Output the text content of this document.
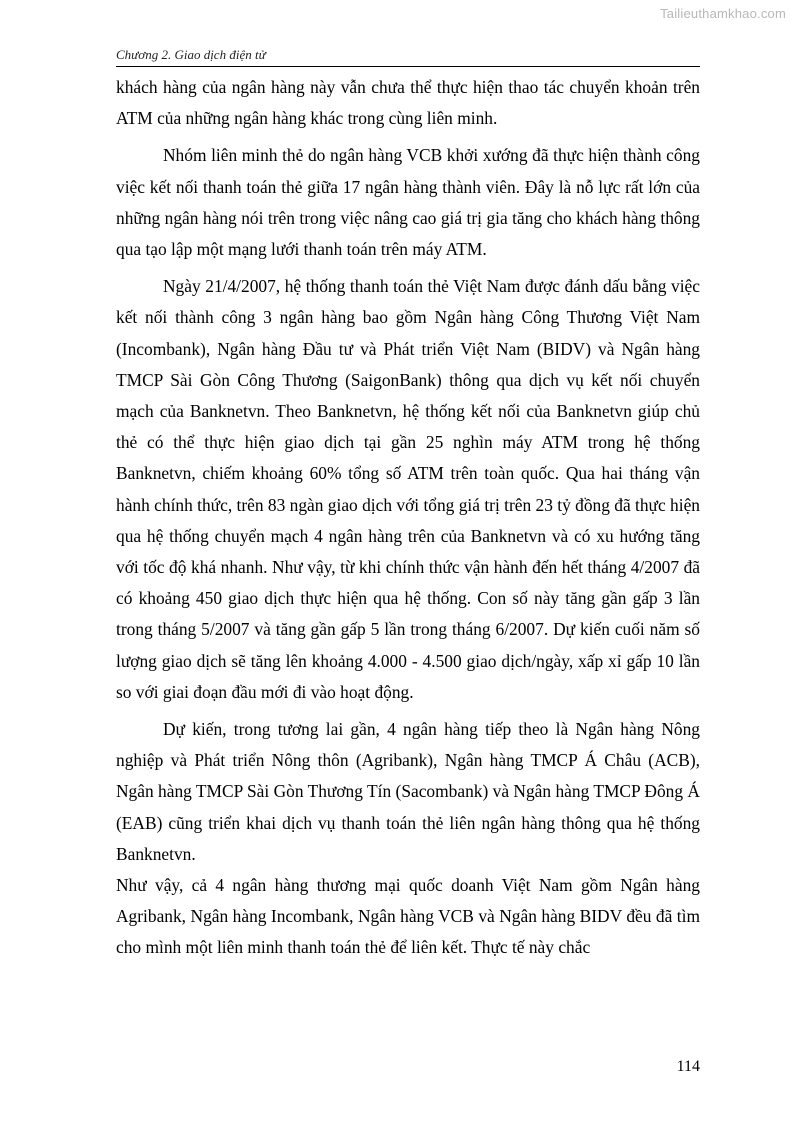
Tailieuthamkhao.com
Chương 2. Giao dịch điện tử

khách hàng của ngân hàng này vẫn chưa thể thực hiện thao tác chuyển khoản trên ATM của những ngân hàng khác trong cùng liên minh.

Nhóm liên minh thẻ do ngân hàng VCB khởi xướng đã thực hiện thành công việc kết nối thanh toán thẻ giữa 17 ngân hàng thành viên. Đây là nỗ lực rất lớn của những ngân hàng nói trên trong việc nâng cao giá trị gia tăng cho khách hàng thông qua tạo lập một mạng lưới thanh toán trên máy ATM.

Ngày 21/4/2007, hệ thống thanh toán thẻ Việt Nam được đánh dấu bằng việc kết nối thành công 3 ngân hàng bao gồm Ngân hàng Công Thương Việt Nam (Incombank), Ngân hàng Đầu tư và Phát triển Việt Nam (BIDV) và Ngân hàng TMCP Sài Gòn Công Thương (SaigonBank) thông qua dịch vụ kết nối chuyển mạch của Banknetvn. Theo Banknetvn, hệ thống kết nối của Banknetvn giúp chủ thẻ có thể thực hiện giao dịch tại gần 25 nghìn máy ATM trong hệ thống Banknetvn, chiếm khoảng 60% tổng số ATM trên toàn quốc. Qua hai tháng vận hành chính thức, trên 83 ngàn giao dịch với tổng giá trị trên 23 tỷ đồng đã thực hiện qua hệ thống chuyển mạch 4 ngân hàng trên của Banknetvn và có xu hướng tăng với tốc độ khá nhanh. Như vậy, từ khi chính thức vận hành đến hết tháng 4/2007 đã có khoảng 450 giao dịch thực hiện qua hệ thống. Con số này tăng gần gấp 3 lần trong tháng 5/2007 và tăng gần gấp 5 lần trong tháng 6/2007. Dự kiến cuối năm số lượng giao dịch sẽ tăng lên khoảng 4.000 - 4.500 giao dịch/ngày, xấp xỉ gấp 10 lần so với giai đoạn đầu mới đi vào hoạt động.

Dự kiến, trong tương lai gần, 4 ngân hàng tiếp theo là Ngân hàng Nông nghiệp và Phát triển Nông thôn (Agribank), Ngân hàng TMCP Á Châu (ACB), Ngân hàng TMCP Sài Gòn Thương Tín (Sacombank) và Ngân hàng TMCP Đông Á (EAB) cũng triển khai dịch vụ thanh toán thẻ liên ngân hàng thông qua hệ thống Banknetvn.

Như vậy, cả 4 ngân hàng thương mại quốc doanh Việt Nam gồm Ngân hàng Agribank, Ngân hàng Incombank, Ngân hàng VCB và Ngân hàng BIDV đều đã tìm cho mình một liên minh thanh toán thẻ để liên kết. Thực tế này chắc

114
